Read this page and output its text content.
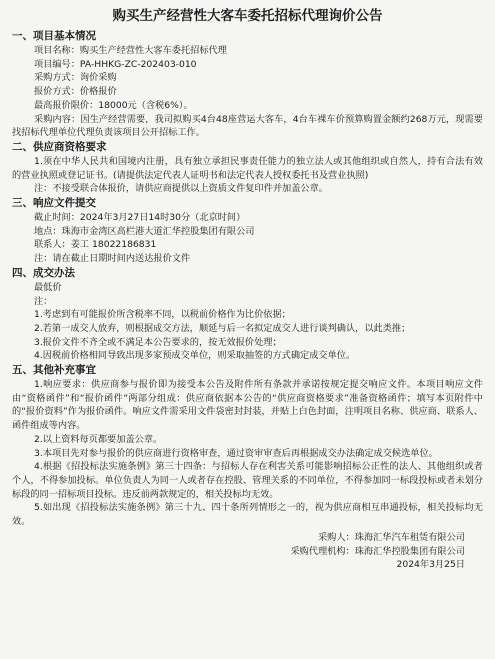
购买生产经营性大客车委托招标代理询价公告

一、项目基本情况

项目名称：购买生产经营性大客车委托招标代理

项目编号：PA-HHKG-ZC-202403-010

采购方式：询价采购

报价方式：价格报价

最高报价限价：18000元（含税6%）。

采购内容：因生产经营需要，我司拟购买4台48座营运大客车，4台车裸车价预算购置金额约268万元，现需要找招标代理单位代理负责该项目公开招标工作。

二、供应商资格要求

1.须在中华人民共和国境内注册，具有独立承担民事责任能力的独立法人或其他组织或自然人，持有合法有效的营业执照或登记证书。(请提供法定代表人证明书和法定代表人授权委托书及营业执照)

注：不接受联合体报价，请供应商提供以上资质文件复印件并加盖公章。

三、响应文件提交

截止时间：2024年3月27日14时30分（北京时间）

地点：珠海市金湾区高栏港大道汇华控股集团有限公司

联系人：姜工 18022186831

注：请在截止日期时间内送达报价文件

四、成交办法

最低价

注：

1.考虑到有可能报价所含税率不同，以税前价格作为比价依据；

2.若第一成交人放弃，则根据成交方法，顺延与后一名拟定成交人进行谈判确认，以此类推；

3.报价文件不齐全或不满足本公告要求的，按无效报价处理；

4.因税前价格相同导致出现多家预成交单位，则采取抽签的方式确定成交单位。

五、其他补充事宜

1.响应要求：供应商参与报价即为接受本公告及附件所有条款并承诺按规定提交响应文件。本项目响应文件由“资格函件”和“报价函件”两部分组成：供应商依据本公告的“供应商资格要求”准备资格函件；填写本页附件中的“报价资料”作为报价函件。响应文件需采用文件袋密封封装，并贴上白色封面，注明项目名称、供应商、联系人、函件组成等内容。

2.以上资料每页都要加盖公章。

3.本项目先对参与报价的供应商进行资格审查，通过资审审查后再根据成交办法确定成交候选单位。

4.根据《招投标法实施条例》第三十四条：与招标人存在利害关系可能影响招标公正性的法人、其他组织或者个人，不得参加投标。单位负责人为同一人或者存在控股、管理关系的不同单位，不得参加同一标段投标或者未划分标段的同一招标项目投标。违反前两款规定的，相关投标均无效。

5.如出现《招投标法实施条例》第三十九、四十条所列情形之一的，视为供应商相互串通投标，相关投标均无效。

采购人：珠海汇华汽车租赁有限公司

采购代理机构：珠海汇华控股集团有限公司

2024年3月25日
